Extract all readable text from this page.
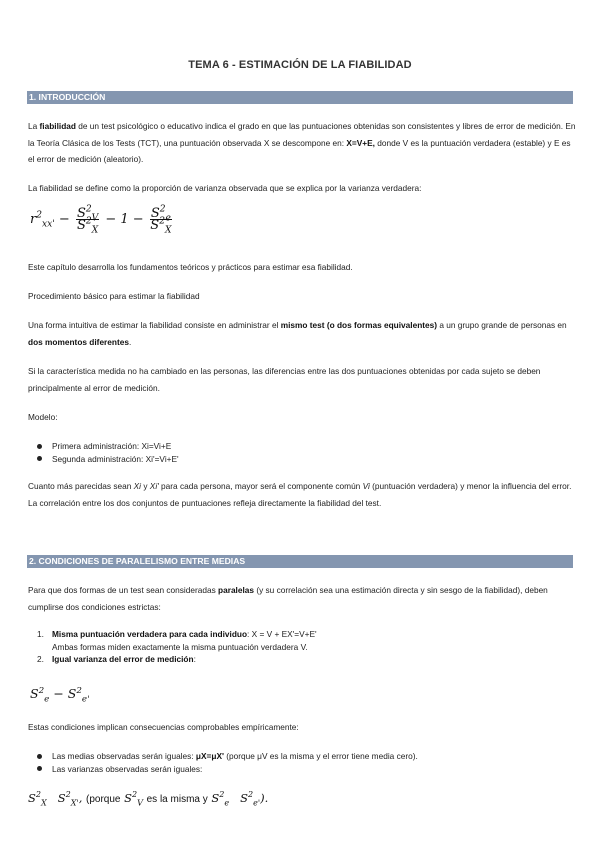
TEMA 6 - ESTIMACIÓN DE LA FIABILIDAD
1. INTRODUCCIÓN

La fiabilidad de un test psicológico o educativo indica el grado en que las puntuaciones obtenidas son consistentes y libres de error de medición. En la Teoría Clásica de los Tests (TCT), una puntuación observada X se descompone en: X=V+E, donde V es la puntuación verdadera (estable) y E es el error de medición (aleatorio).

La fiabilidad se define como la proporción de varianza observada que se explica por la varianza verdadera:

$r^2_{xx'} - \frac{S^2_V}{S^2_X} - 1 - \frac{S^2_e}{S^2_X}$

Este capítulo desarrolla los fundamentos teóricos y prácticos para estimar esa fiabilidad.

Procedimiento básico para estimar la fiabilidad

Una forma intuitiva de estimar la fiabilidad consiste en administrar el mismo test (o dos formas equivalentes) a un grupo grande de personas en dos momentos diferentes.

Si la característica medida no ha cambiado en las personas, las diferencias entre las dos puntuaciones obtenidas por cada sujeto se deben principalmente al error de medición.

Modelo:

Primera administración: Xi=Vi+E
Segunda administración: Xi'=Vi+E'

Cuanto más parecidas sean Xi y Xi' para cada persona, mayor será el componente común Vi (puntuación verdadera) y menor la influencia del error. La correlación entre los dos conjuntos de puntuaciones refleja directamente la fiabilidad del test.

2. CONDICIONES DE PARALELISMO ENTRE MEDIAS

Para que dos formas de un test sean consideradas paralelas (y su correlación sea una estimación directa y sin sesgo de la fiabilidad), deben cumplirse dos condiciones estrictas:

1. Misma puntuación verdadera para cada individuo: X = V + EX'=V+E'
Ambas formas miden exactamente la misma puntuación verdadera V.
2. Igual varianza del error de medición:
$S^2_e - S^2_{e'}$

Estas condiciones implican consecuencias comprobables empíricamente:

Las medias observadas serán iguales: μX=μX' (porque μV es la misma y el error tiene media cero).
Las varianzas observadas serán iguales:
$S^2_X$   $S^2_{X'}$, (porque $S^2_V$ es la misma y $S^2_e$   $S^2_{e'}$).
